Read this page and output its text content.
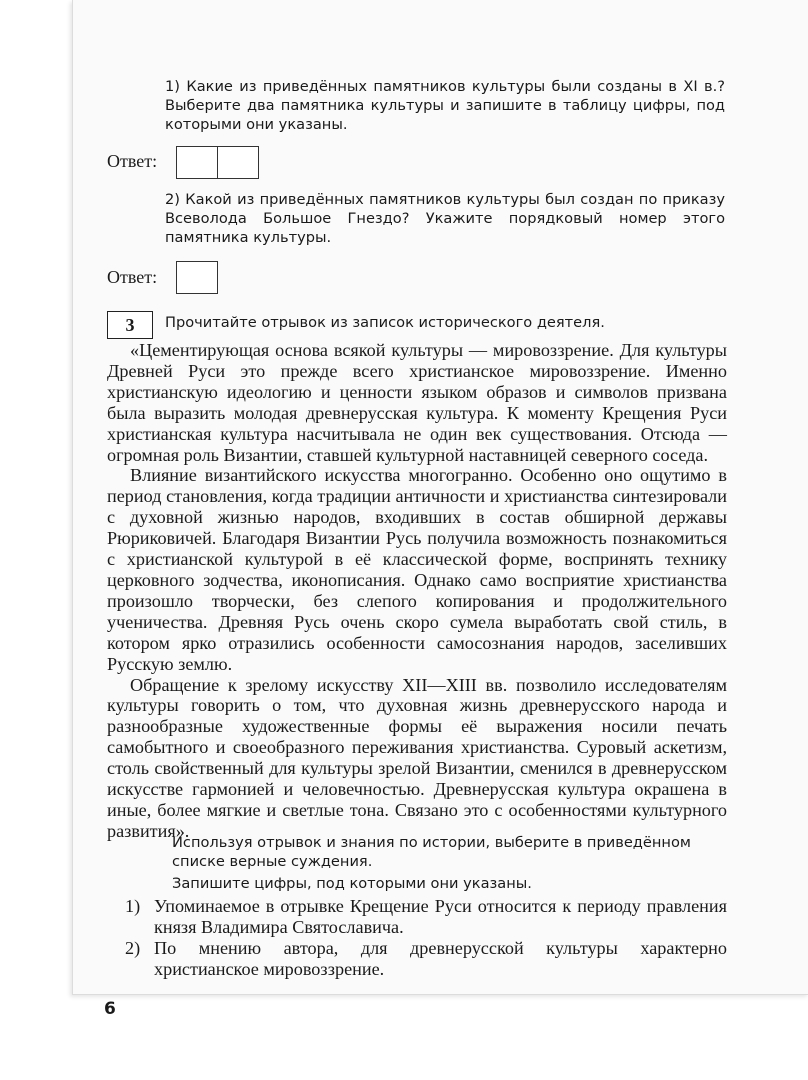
1) Какие из приведённых памятников культуры были созданы в XI в.? Выберите два памятника культуры и запишите в таблицу цифры, под которыми они указаны.
Ответ:
2) Какой из приведённых памятников культуры был создан по приказу Всеволода Большое Гнездо? Укажите порядковый номер этого памятника культуры.
Ответ:
3	Прочитайте отрывок из записок исторического деятеля.

«Цементирующая основа всякой культуры — мировоззрение. Для культуры Древней Руси это прежде всего христианское мировоззрение. Именно христианскую идеологию и ценности языком образов и символов призвана была выразить молодая древнерусская культура. К моменту Крещения Руси христианская культура насчитывала не один век существования. Отсюда — огромная роль Византии, ставшей культурной наставницей северного соседа.

Влияние византийского искусства многогранно. Особенно оно ощутимо в период становления, когда традиции античности и христианства синтезировали с духовной жизнью народов, входивших в состав обширной державы Рюриковичей. Благодаря Византии Русь получила возможность познакомиться с христианской культурой в её классической форме, воспринять технику церковного зодчества, иконописания. Однако само восприятие христианства произошло творчески, без слепого копирования и продолжительного ученичества. Древняя Русь очень скоро сумела выработать свой стиль, в котором ярко отразились особенности самосознания народов, заселивших Русскую землю.

Обращение к зрелому искусству XII—XIII вв. позволило исследователям культуры говорить о том, что духовная жизнь древнерусского народа и разнообразные художественные формы её выражения носили печать самобытного и своеобразного переживания христианства. Суровый аскетизм, столь свойственный для культуры зрелой Византии, сменился в древнерусском искусстве гармонией и человечностью. Древнерусская культура окрашена в иные, более мягкие и светлые тона. Связано это с особенностями культурного развития».

Используя отрывок и знания по истории, выберите в приведённом списке верные суждения.
Запишите цифры, под которыми они указаны.
1) Упоминаемое в отрывке Крещение Руси относится к периоду правления князя Владимира Святославича.
2) По мнению автора, для древнерусской культуры характерно христианское мировоззрение.
6
